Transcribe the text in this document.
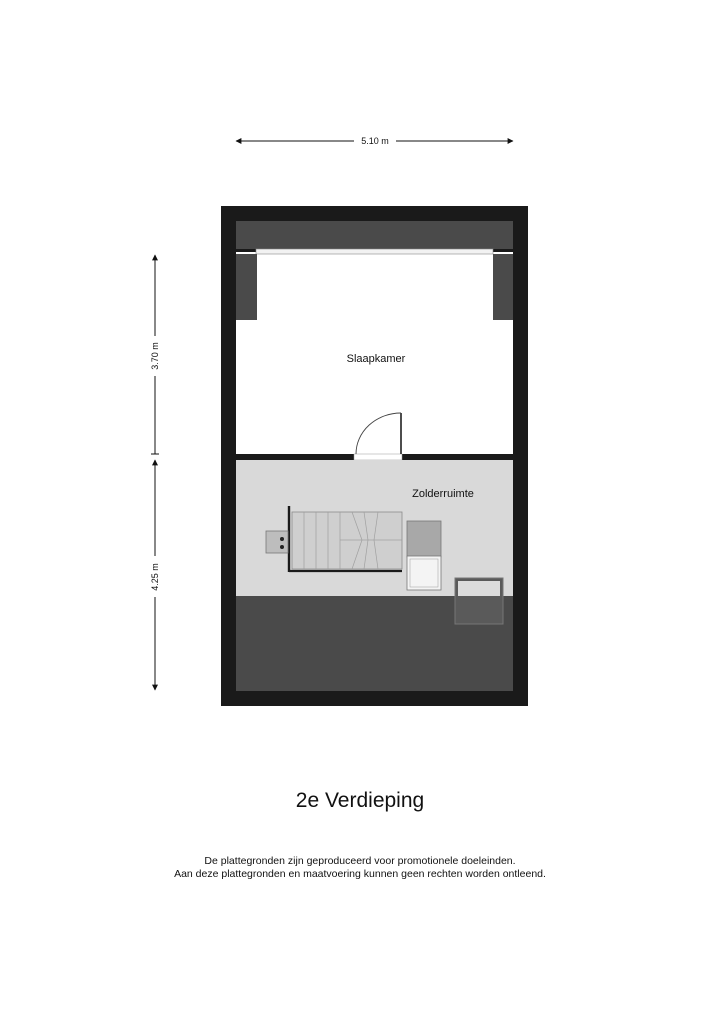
5.10 m
3.70 m
4.25 m
Slaapkamer
Zolderruimte
2e Verdieping
De plattegronden zijn geproduceerd voor promotionele doeleinden.
Aan deze plattegronden en maatvoering kunnen geen rechten worden ontleend.
